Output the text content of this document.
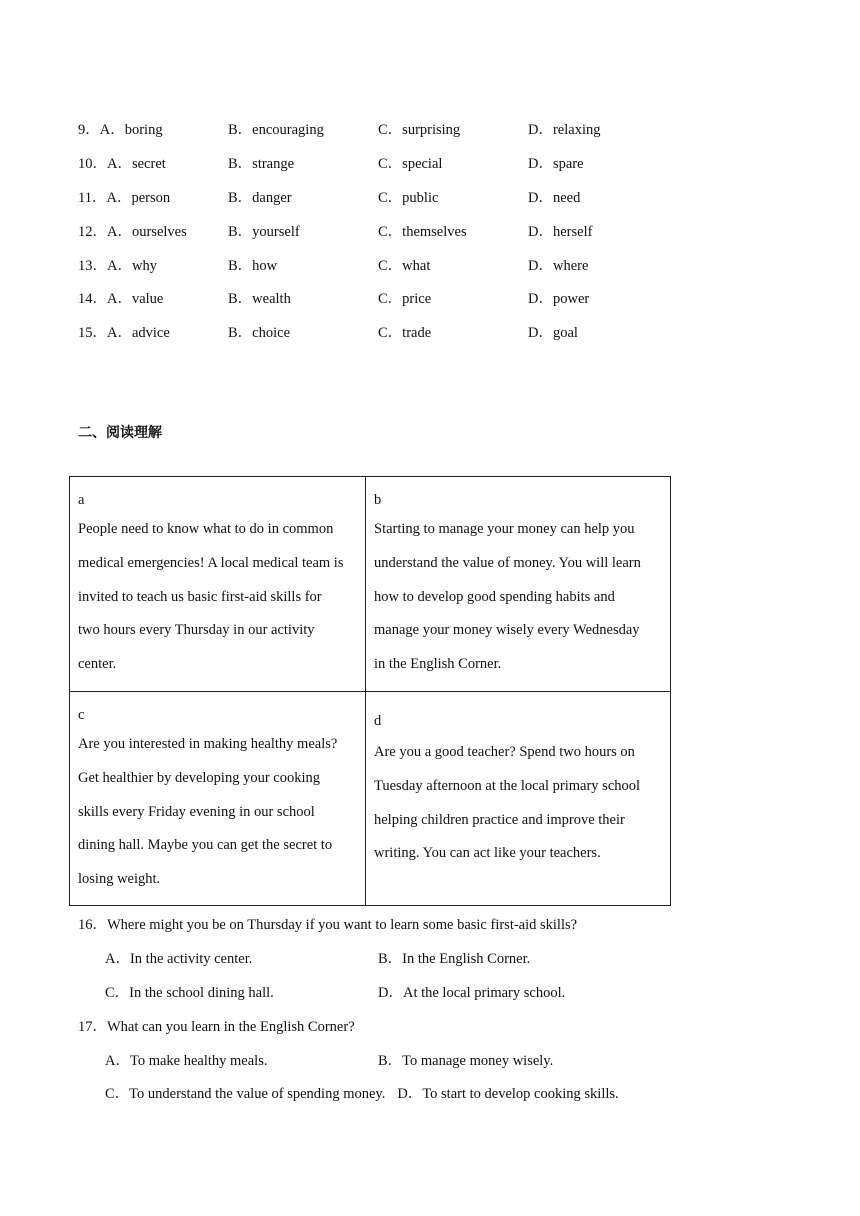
9．A．boring	B．encouraging	C．surprising	D．relaxing
10．A．secret	B．strange	C．special	D．spare
11．A．person	B．danger	C．public	D．need
12．A．ourselves	B．yourself	C．themselves	D．herself
13．A．why	B．how	C．what	D．where
14．A．value	B．wealth	C．price	D．power
15．A．advice	B．choice	C．trade	D．goal
二、阅读理解
a
People need to know what to do in common
medical emergencies! A local medical team is
invited to teach us basic first-aid skills for
two hours every Thursday in our activity
center.
b
Starting to manage your money can help you
understand the value of money. You will learn
how to develop good spending habits and
manage your money wisely every Wednesday
in the English Corner.
c
Are you interested in making healthy meals?
Get healthier by developing your cooking
skills every Friday evening in our school
dining hall. Maybe you can get the secret to
losing weight.
d
Are you a good teacher? Spend two hours on
Tuesday afternoon at the local primary school
helping children practice and improve their
writing. You can act like your teachers.
16．Where might you be on Thursday if you want to learn some basic first-aid skills?
A．In the activity center.	B．In the English Corner.
C．In the school dining hall.	D．At the local primary school.
17．What can you learn in the English Corner?
A．To make healthy meals.	B．To manage money wisely.
C．To understand the value of spending money. D．To start to develop cooking skills.
